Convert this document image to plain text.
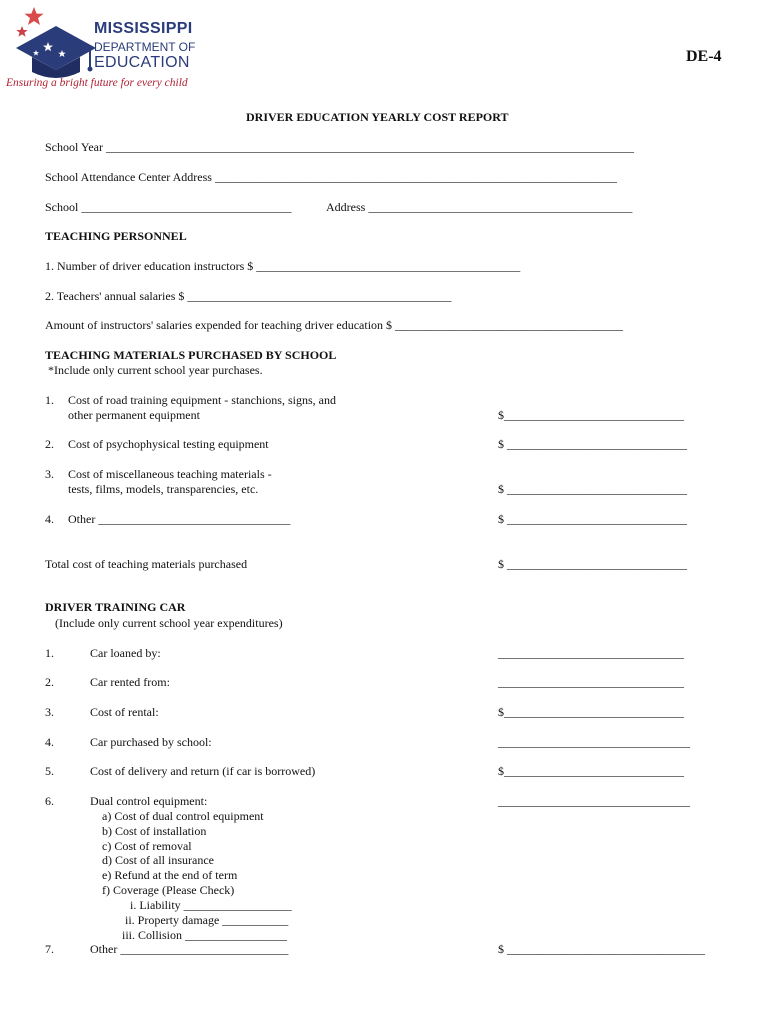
MISSISSIPPI
DEPARTMENT OF
EDUCATION
Ensuring a bright future for every child
DE-4
DRIVER EDUCATION YEARLY COST REPORT
School Year ________________________________________________________________________________________
School Attendance Center Address ___________________________________________________________________
School ___________________________________	Address ____________________________________________
TEACHING PERSONNEL
1. Number of driver education instructors $ ____________________________________________
2. Teachers' annual salaries $ ____________________________________________
Amount of instructors' salaries expended for teaching driver education $ ______________________________________
TEACHING MATERIALS PURCHASED BY SCHOOL
*Include only current school year purchases.
1. Cost of road training equipment - stanchions, signs, and
other permanent equipment	$______________________________
2. Cost of psychophysical testing equipment	$ ______________________________
3. Cost of miscellaneous teaching materials -
tests, films, models, transparencies, etc.	$ ______________________________
4. Other ________________________________	$ ______________________________
Total cost of teaching materials purchased	$ ______________________________
DRIVER TRAINING CAR
(Include only current school year expenditures)
1.	Car loaned by:	_______________________________
2.	Car rented from:	_______________________________
3.	Cost of rental:	$______________________________
4.	Car purchased by school:	________________________________
5.	Cost of delivery and return (if car is borrowed)	$______________________________
6.	Dual control equipment:	________________________________
a) Cost of dual control equipment
b) Cost of installation
c) Cost of removal
d) Cost of all insurance
e) Refund at the end of term
f) Coverage (Please Check)
i. Liability __________________
ii. Property damage ___________
iii. Collision _________________
7.	Other ____________________________	$ _________________________________
